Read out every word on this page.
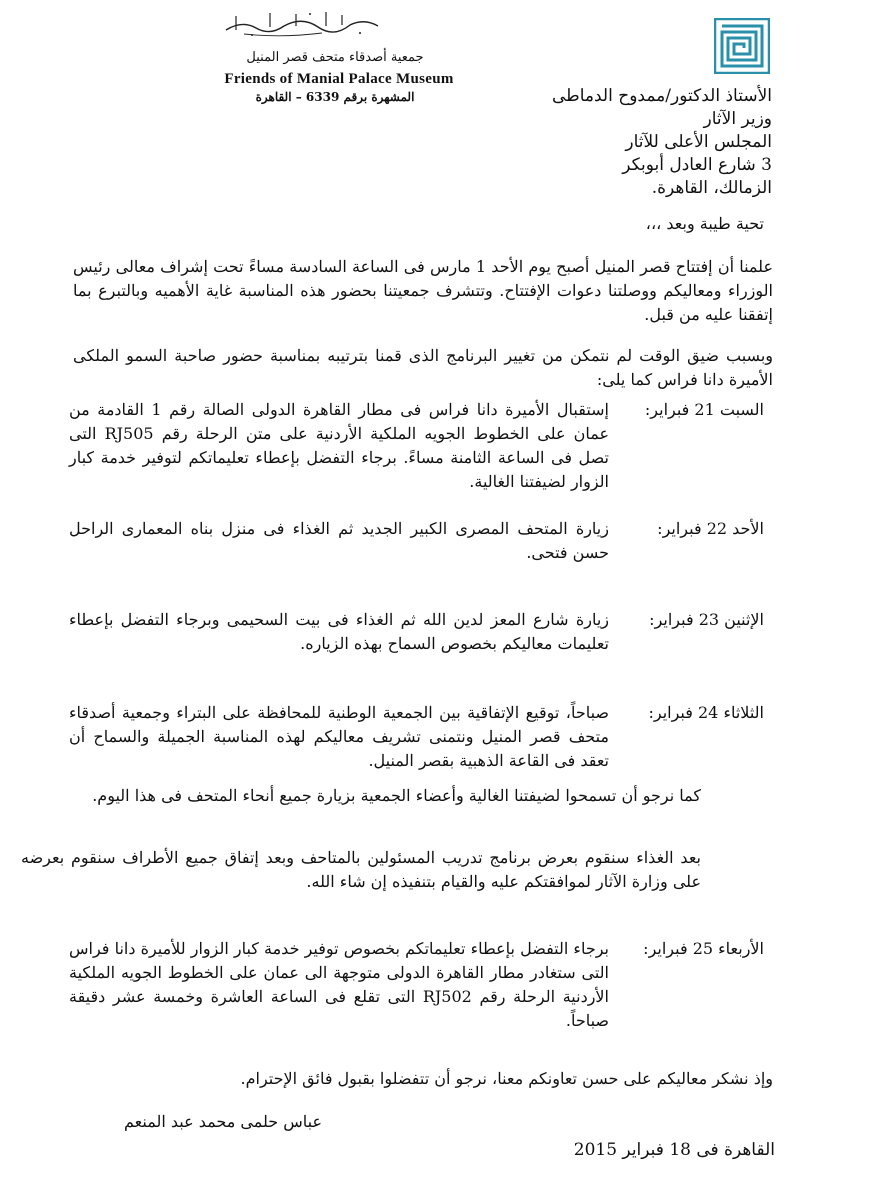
جمعية أصدقاء متحف قصر المنيل
Friends of Manial Palace Museum
المشهرة برقم 6339 – القاهرة	الأستاذ الدكتور/ممدوح الدماطى
وزير الآثار
المجلس الأعلى للآثار
3 شارع العادل أبوبكر
الزمالك، القاهرة.
تحية طيبة وبعد ،،،
علمنا أن إفتتاح قصر المنيل أصبح يوم الأحد 1 مارس فى الساعة السادسة مساءً تحت إشراف معالى رئيس الوزراء ومعاليكم ووصلتنا دعوات الإفتتاح. وتتشرف جمعيتنا بحضور هذه المناسبة غاية الأهميه وبالتبرع بما إتفقنا عليه من قبل.
وبسبب ضيق الوقت لم نتمكن من تغيير البرنامج الذى قمنا بترتيبه بمناسبة حضور صاحبة السمو الملكى الأميرة دانا فراس كما يلى:
السبت 21 فبراير:
إستقبال الأميرة دانا فراس فى مطار القاهرة الدولى الصالة رقم 1 القادمة من عمان على الخطوط الجويه الملكية الأردنية على متن الرحلة رقم RJ505 التى تصل فى الساعة الثامنة مساءً. برجاء التفضل بإعطاء تعليماتكم لتوفير خدمة كبار الزوار لضيفتنا الغالية.
الأحد 22 فبراير:
زيارة المتحف المصرى الكبير الجديد ثم الغذاء فى منزل بناه المعمارى الراحل حسن فتحى.
الإثنين 23 فبراير:
زيارة شارع المعز لدين الله ثم الغذاء فى بيت السحيمى وبرجاء التفضل بإعطاء تعليمات معاليكم بخصوص السماح بهذه الزياره.
الثلاثاء 24 فبراير:
صباحاً، توقيع الإتفاقية بين الجمعية الوطنية للمحافظة على البتراء وجمعية أصدقاء متحف قصر المنيل ونتمنى تشريف معاليكم لهذه المناسبة الجميلة والسماح أن تعقد فى القاعة الذهبية بقصر المنيل.
كما نرجو أن تسمحوا لضيفتنا الغالية وأعضاء الجمعية بزيارة جميع أنحاء المتحف فى هذا اليوم.
بعد الغذاء سنقوم بعرض برنامج تدريب المسئولين بالمتاحف وبعد إتفاق جميع الأطراف سنقوم بعرضه على وزارة الآثار لموافقتكم عليه والقيام بتنفيذه إن شاء الله.
الأربعاء 25 فبراير:
برجاء التفضل بإعطاء تعليماتكم بخصوص توفير خدمة كبار الزوار للأميرة دانا فراس التى ستغادر مطار القاهرة الدولى متوجهة الى عمان على الخطوط الجويه الملكية الأردنية الرحلة رقم RJ502 التى تقلع فى الساعة العاشرة وخمسة عشر دقيقة صباحاً.
وإذ نشكر معاليكم على حسن تعاونكم معنا، نرجو أن تتفضلوا بقبول فائق الإحترام.
عباس حلمى محمد عبد المنعم
القاهرة فى 18 فبراير 2015
